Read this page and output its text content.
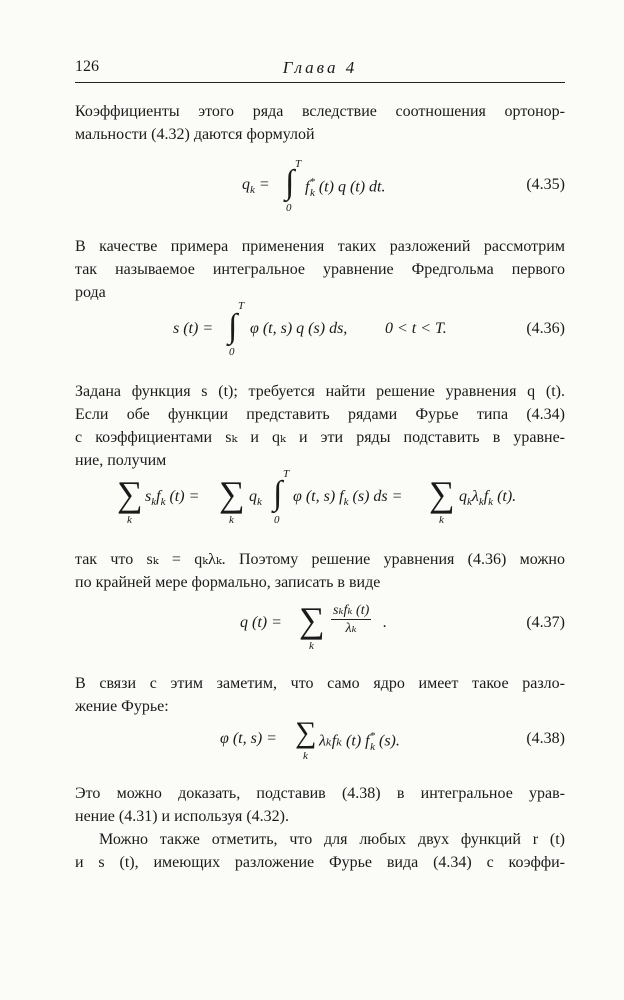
126	Глава 4
Коэффициенты этого ряда вследствие соотношения ортонор-
мальности (4.32) даются формулой
$q_k$ =
T
∫
0
$f^*_k$ (t) q (t) dt.	(4.35)
В качестве примера применения таких разложений рассмотрим
так называемое интегральное уравнение Фредгольма первого
рода
s (t) =
T
∫
0
φ (t, s) q (s) ds, 0 < t < T.	(4.36)
Задана функция s (t); требуется найти решение уравнения q (t).
Если обе функции представить рядами Фурье типа (4.34)
с коэффициентами sₖ и qₖ и эти ряды подставить в уравне-
ние, получим
∑
k
$s_kf_k$ (t) = ∑
k
$q_k$
T
∫
0
φ (t, s) $f_k$ (s) ds = ∑
k
$q_k\lambda_kf_k$ (t).
так что sₖ = qₖλₖ. Поэтому решение уравнения (4.36) можно
по крайней мере формально, записать в виде
q (t) = ∑
k
sₖfₖ (t)
λₖ	.	(4.37)
В связи с этим заметим, что само ядро имеет такое разло-
жение Фурье:
φ (t, s) = ∑
k
λₖfₖ (t) $f^*_k$ (s).	(4.38)
Это можно доказать, подставив (4.38) в интегральное урав-
нение (4.31) и используя (4.32).
Можно также отметить, что для любых двух функций r (t)
и s (t), имеющих разложение Фурье вида (4.34) с коэффи-
